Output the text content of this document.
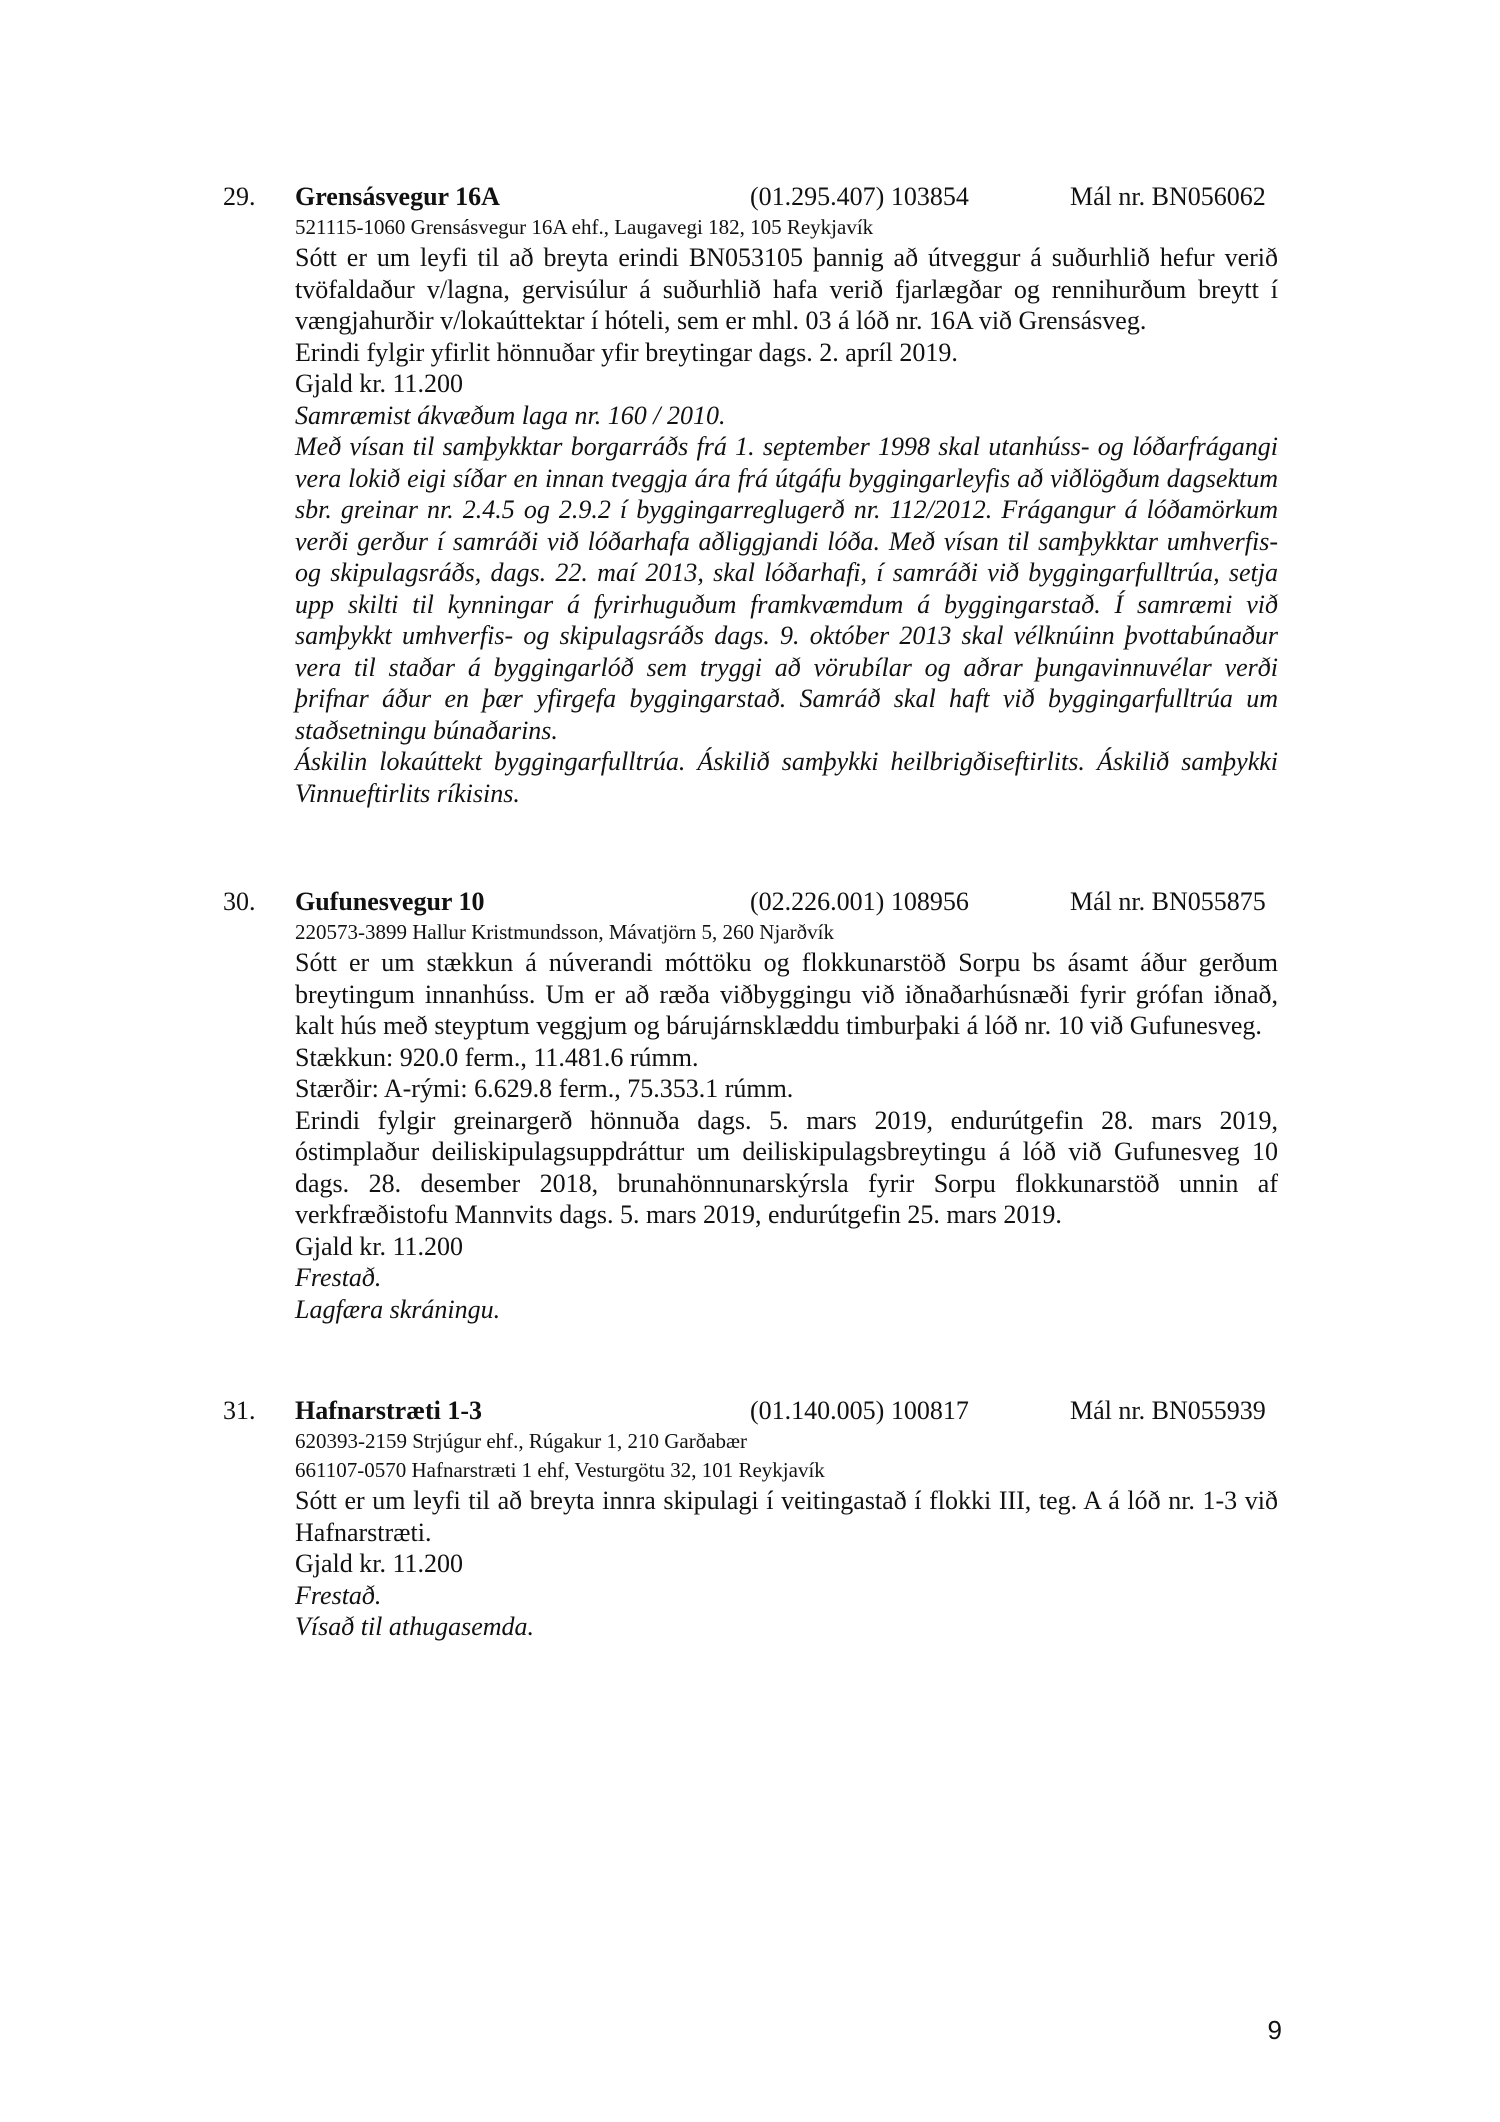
29. Grensásvegur 16A	(01.295.407) 103854	Mál nr. BN056062
521115-1060 Grensásvegur 16A ehf., Laugavegi 182, 105 Reykjavík
Sótt er um leyfi til að breyta erindi BN053105 þannig að útveggur á suðurhlið hefur verið tvöfaldaður v/lagna, gervisúlur á suðurhlið hafa verið fjarlægðar og rennihurðum breytt í vængjahurðir v/lokaúttektar í hóteli, sem er mhl. 03 á lóð nr. 16A við Grensásveg.
Erindi fylgir yfirlit hönnuðar yfir breytingar dags. 2. apríl 2019.
Gjald kr. 11.200
Samræmist ákvæðum laga nr. 160 / 2010.
Með vísan til samþykktar borgarráðs frá 1. september 1998 skal utanhúss- og lóðarfrágangi vera lokið eigi síðar en innan tveggja ára frá útgáfu byggingarleyfis að viðlögðum dagsektum sbr. greinar nr. 2.4.5 og 2.9.2 í byggingarreglugerð nr. 112/2012. Frágangur á lóðamörkum verði gerður í samráði við lóðarhafa aðliggjandi lóða. Með vísan til samþykktar umhverfis- og skipulagsráðs, dags. 22. maí 2013, skal lóðarhafi, í samráði við byggingarfulltrúa, setja upp skilti til kynningar á fyrirhuguðum framkvæmdum á byggingarstað. Í samræmi við samþykkt umhverfis- og skipulagsráðs dags. 9. október 2013 skal vélknúinn þvottabúnaður vera til staðar á byggingarlóð sem tryggi að vörubílar og aðrar þungavinnuvélar verði þrifnar áður en þær yfirgefa byggingarstað. Samráð skal haft við byggingarfulltrúa um staðsetningu búnaðarins.
Áskilin lokaúttekt byggingarfulltrúa. Áskilið samþykki heilbrigðiseftirlits. Áskilið samþykki Vinnueftirlits ríkisins.
30. Gufunesvegur 10	(02.226.001) 108956	Mál nr. BN055875
220573-3899 Hallur Kristmundsson, Mávatjörn 5, 260 Njarðvík
Sótt er um stækkun á núverandi móttöku og flokkunarstöð Sorpu bs ásamt áður gerðum breytingum innanhúss. Um er að ræða viðbyggingu við iðnaðarhúsnæði fyrir grófan iðnað, kalt hús með steyptum veggjum og bárujárnsklæddu timburþaki á lóð nr. 10 við Gufunesveg.
Stækkun: 920.0 ferm., 11.481.6 rúmm.
Stærðir: A-rými: 6.629.8 ferm., 75.353.1 rúmm.
Erindi fylgir greinargerð hönnuða dags. 5. mars 2019, endurútgefin 28. mars 2019, óstimplaður deiliskipulagsuppdráttur um deiliskipulagsbreytingu á lóð við Gufunesveg 10 dags. 28. desember 2018, brunahönnunarskýrsla fyrir Sorpu flokkunarstöð unnin af verkfræðistofu Mannvits dags. 5. mars 2019, endurútgefin 25. mars 2019.
Gjald kr. 11.200
Frestað.
Lagfæra skráningu.
31. Hafnarstræti 1-3	(01.140.005) 100817	Mál nr. BN055939
620393-2159 Strjúgur ehf., Rúgakur 1, 210 Garðabær
661107-0570 Hafnarstræti 1 ehf, Vesturgötu 32, 101 Reykjavík
Sótt er um leyfi til að breyta innra skipulagi í veitingastað í flokki III, teg. A á lóð nr. 1-3 við Hafnarstræti.
Gjald kr. 11.200
Frestað.
Vísað til athugasemda.
9
